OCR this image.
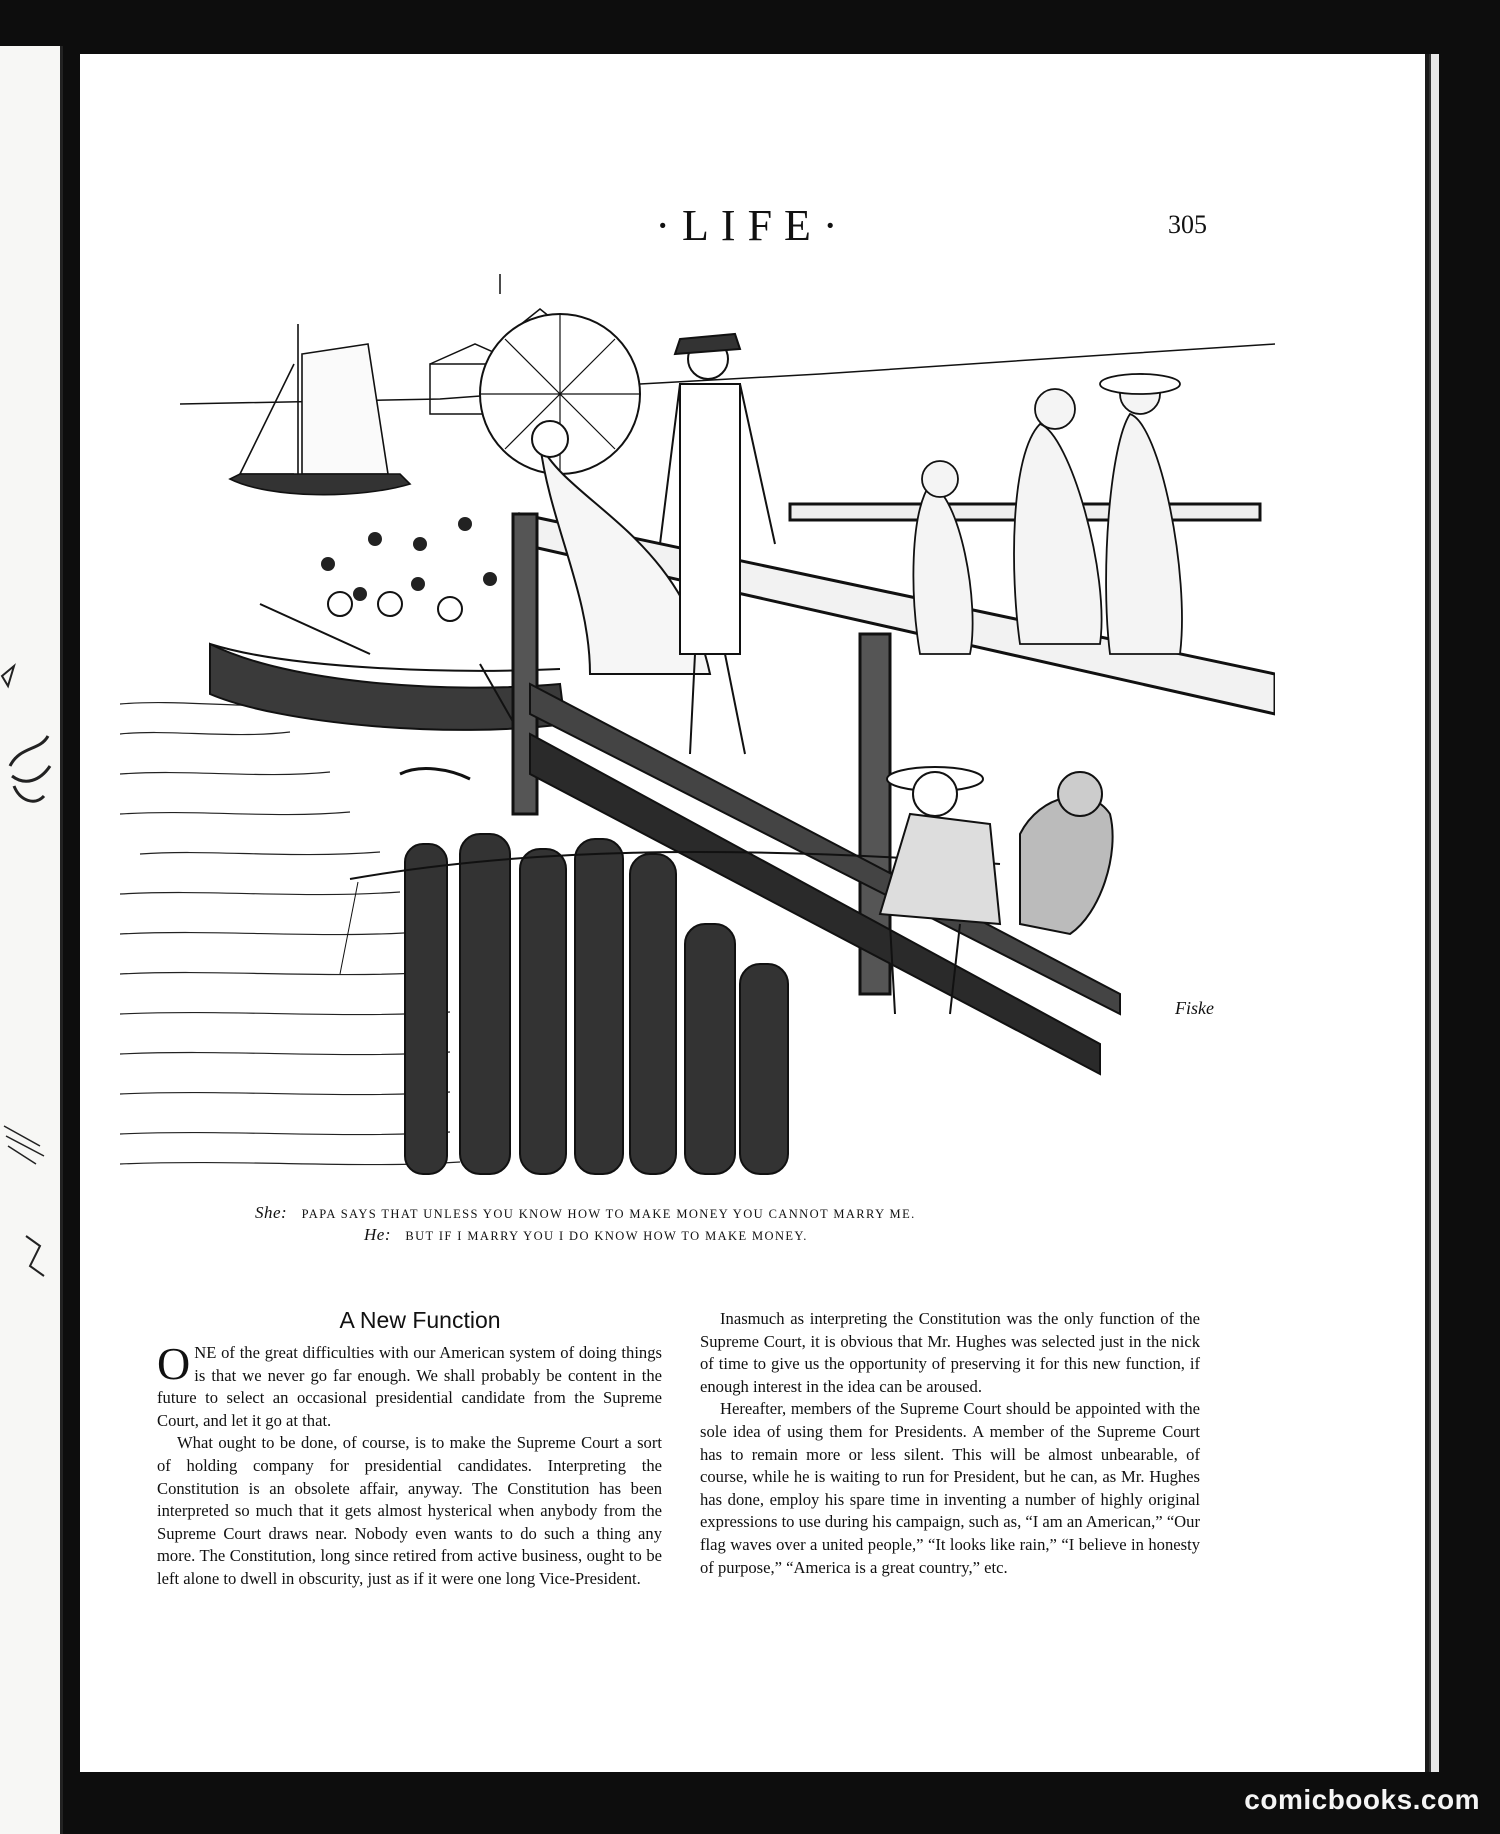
·LIFE·	305
Fiske
She: PAPA SAYS THAT UNLESS YOU KNOW HOW TO MAKE MONEY YOU CANNOT MARRY ME.
He: BUT IF I MARRY YOU I DO KNOW HOW TO MAKE MONEY.
A New Function

ONE of the great difficulties with our American system of doing things is that we never go far enough. We shall probably be content in the future to select an occasional presidential candidate from the Supreme Court, and let it go at that.

What ought to be done, of course, is to make the Supreme Court a sort of holding company for presidential candidates. Interpreting the Constitution is an obsolete affair, anyway. The Constitution has been interpreted so much that it gets almost hysterical when anybody from the Supreme Court draws near. Nobody even wants to do such a thing any more. The Constitution, long since retired from active business, ought to be left alone to dwell in obscurity, just as if it were one long Vice-President.

Inasmuch as interpreting the Constitution was the only function of the Supreme Court, it is obvious that Mr. Hughes was selected just in the nick of time to give us the opportunity of preserving it for this new function, if enough interest in the idea can be aroused.

Hereafter, members of the Supreme Court should be appointed with the sole idea of using them for Presidents. A member of the Supreme Court has to remain more or less silent. This will be almost unbearable, of course, while he is waiting to run for President, but he can, as Mr. Hughes has done, employ his spare time in inventing a number of highly original expressions to use during his campaign, such as, “I am an American,” “Our flag waves over a united people,” “It looks like rain,” “I believe in honesty of purpose,” “America is a great country,” etc.

comicbooks.com
